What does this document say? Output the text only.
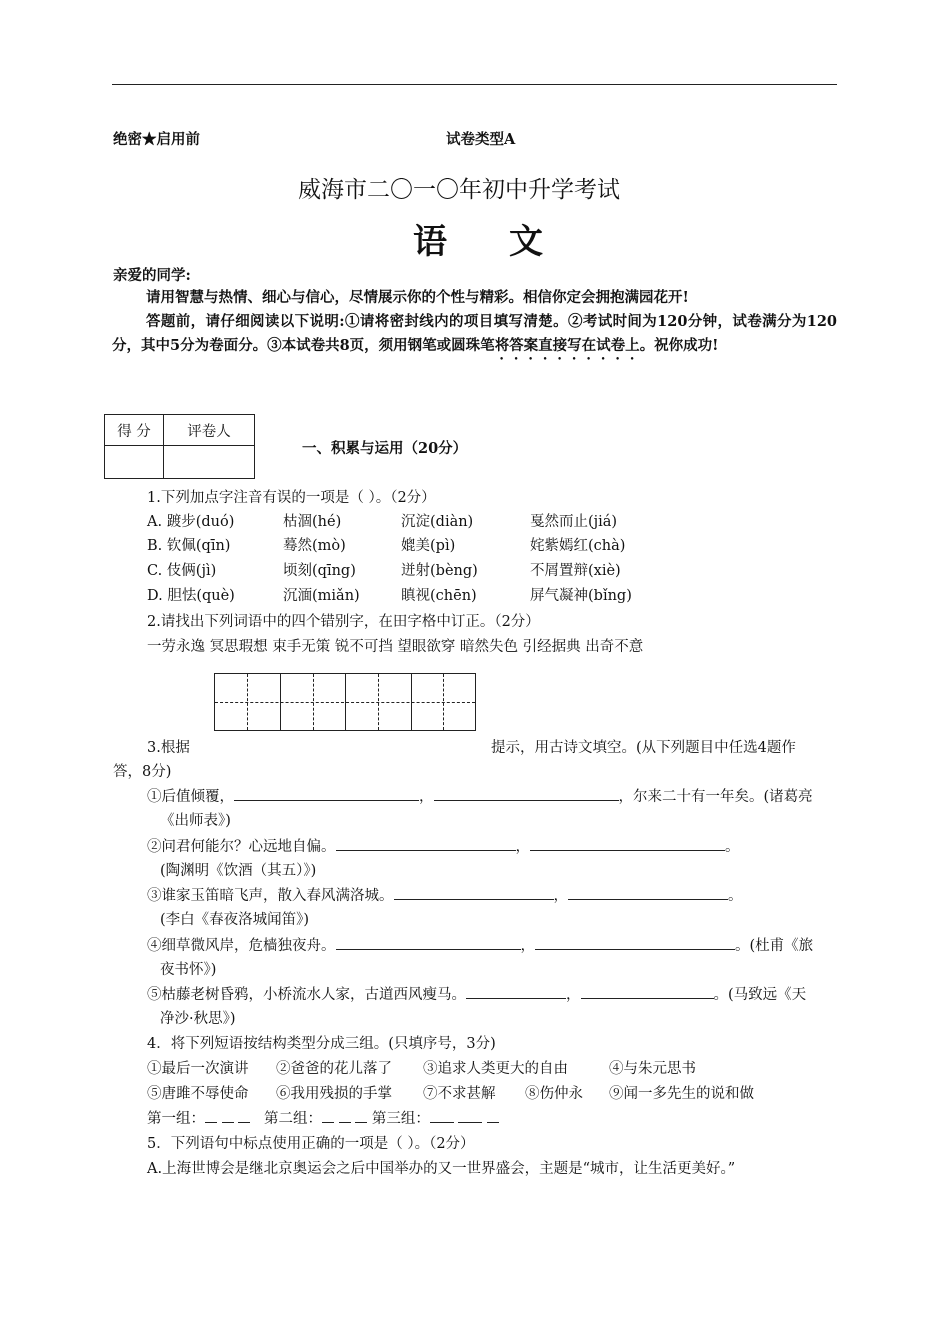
绝密★启用前	试卷类型A
威海市二〇一〇年初中升学考试
语文
亲爱的同学:
请用智慧与热情、细心与信心，尽情展示你的个性与精彩。相信你定会拥抱满园花开!
答题前，请仔细阅读以下说明:①请将密封线内的项目填写清楚。②考试时间为120分钟，试卷满分为120分，其中5分为卷面分。③本试卷共8页，须用钢笔或圆珠笔将答案直接写在试卷上。祝你成功!
得 分	评卷人

一、积累与运用（20分）
1.下列加点字注音有误的一项是（ ）。（2分）
A. 踱步(duó)	枯涸(hé)	沉淀(diàn)	戛然而止(jiá)
B. 钦佩(qīn)	蓦然(mò)	媲美(pì)	姹紫嫣红(chà)
C. 伎俩(jì)	顷刻(qīng)	迸射(bèng)	不屑置辩(xiè)
D. 胆怯(què)	沉湎(miǎn)	瞋视(chēn)	屏气凝神(bǐng)
2.请找出下列词语中的四个错别字，在田字格中订正。（2分）
一劳永逸 冥思瑕想 束手无策 锐不可挡 望眼欲穿 暗然失色 引经据典 出奇不意
3.根据	提示，用古诗文填空。(从下列题目中任选4题作
答，8分)
①后值倾覆，	，	，尔来二十有一年矣。(诸葛亮
《出师表》)
②问君何能尔？心远地自偏。	，	。
(陶渊明《饮酒（其五）》)
③谁家玉笛暗飞声，散入春风满洛城。	，	。
(李白《春夜洛城闻笛》)
④细草微风岸，危樯独夜舟。	，	。(杜甫《旅
夜书怀》)
⑤枯藤老树昏鸦，小桥流水人家，古道西风瘦马。	，	。(马致远《天
净沙·秋思》)
4．将下列短语按结构类型分成三组。(只填序号，3分)
①最后一次演讲 ②爸爸的花儿落了 ③追求人类更大的自由	④与朱元思书
⑤唐雎不辱使命 ⑥我用残损的手掌 ⑦不求甚解 ⑧伤仲永 ⑨闻一多先生的说和做
第一组：	第二组：	第三组：
5．下列语句中标点使用正确的一项是（ ）。（2分）
A.上海世博会是继北京奥运会之后中国举办的又一世界盛会，主题是“城市，让生活更美好。”
